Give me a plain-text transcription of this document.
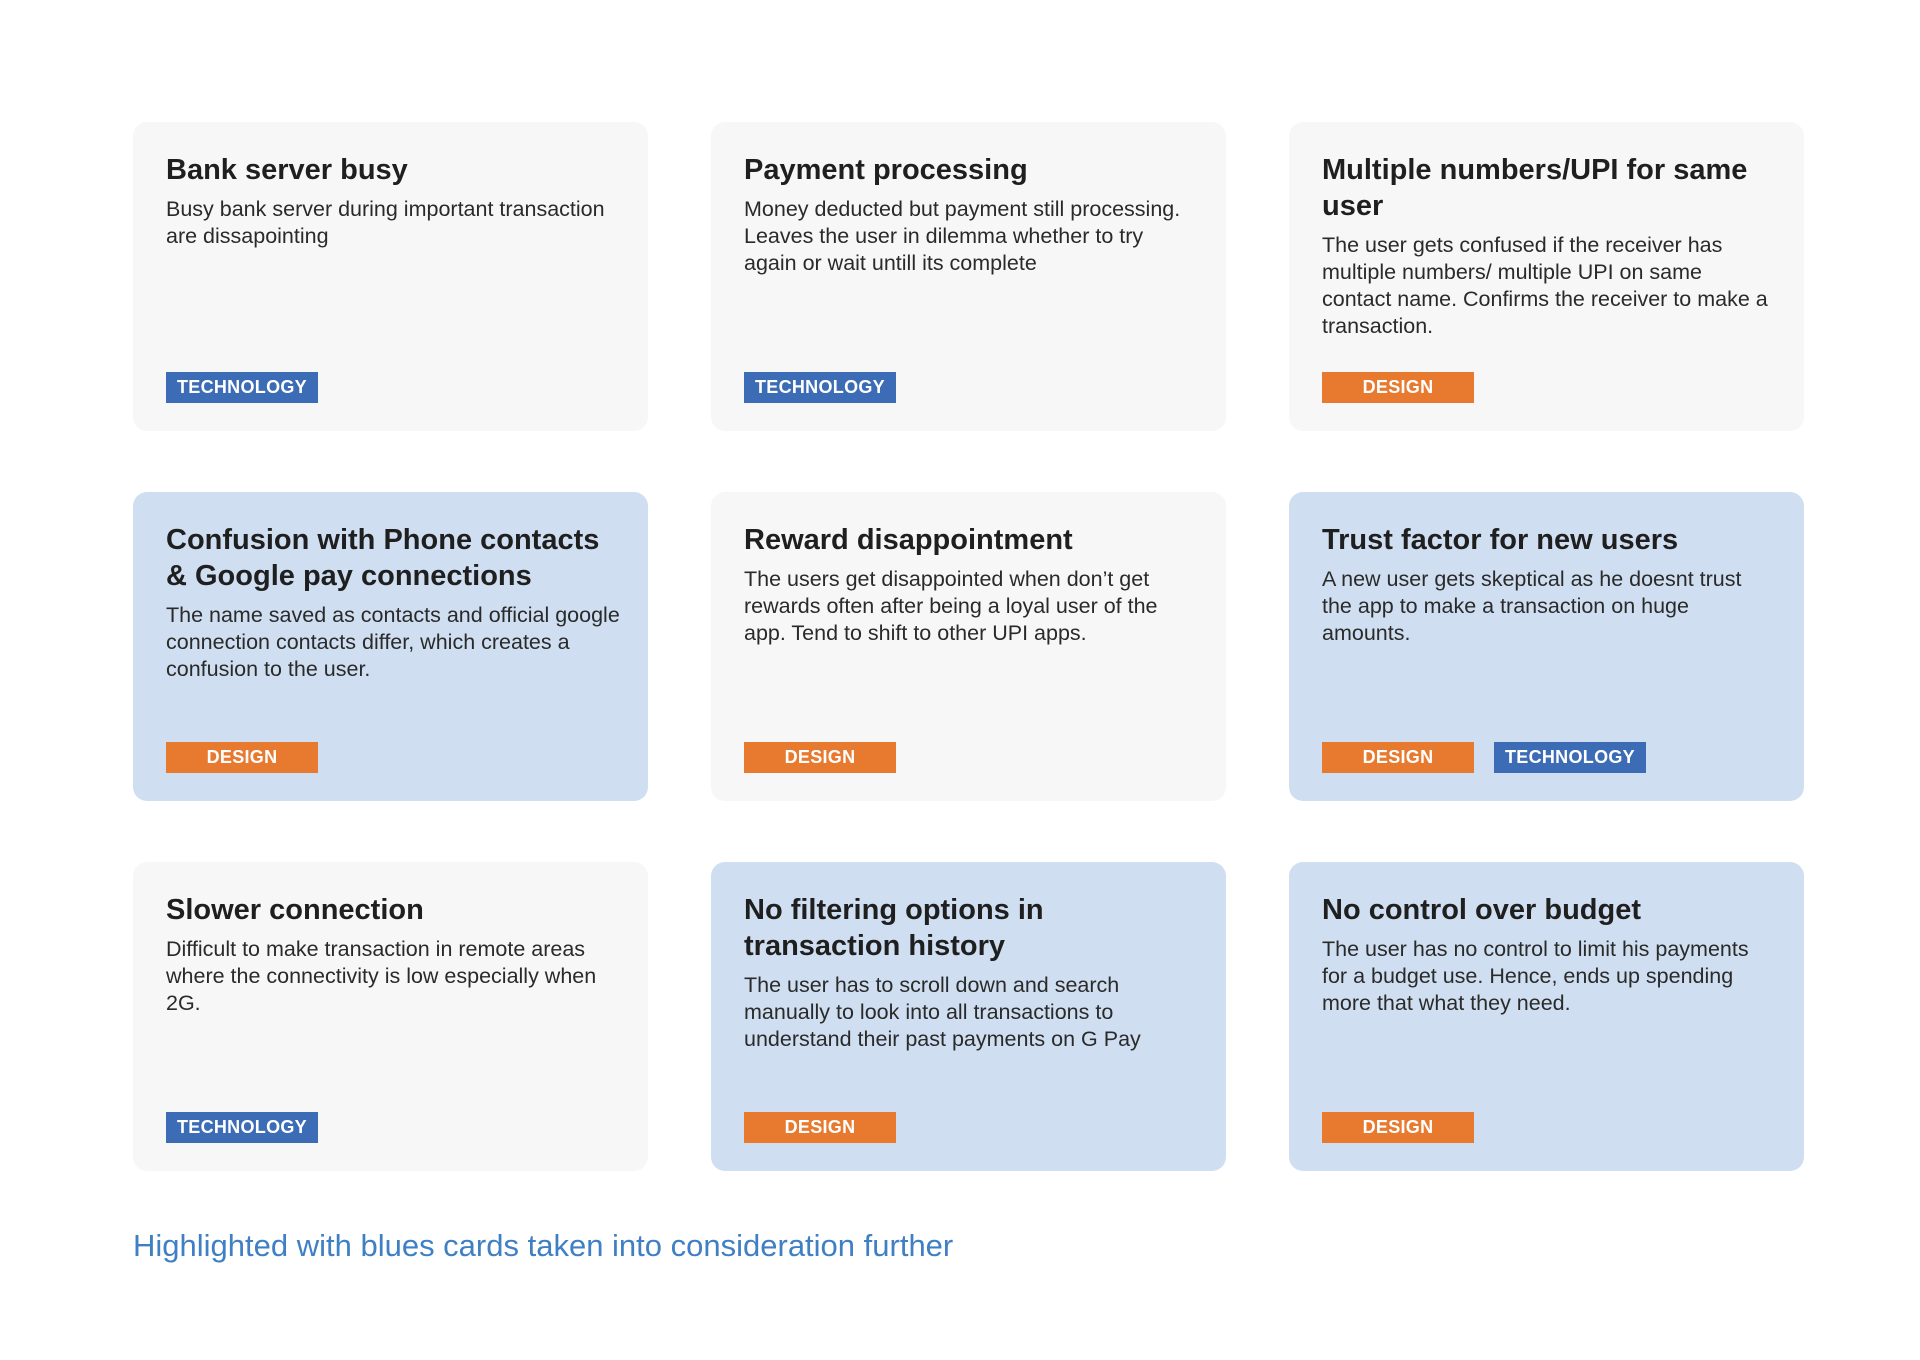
Bank server busy
Busy bank server during important transaction are dissapointing
TECHNOLOGY
Payment processing
Money deducted but payment still processing. Leaves the user in dilemma whether to try again or wait untill its complete
TECHNOLOGY
Multiple numbers/UPI for same user
The user gets confused if the receiver has multiple numbers/ multiple UPI on same contact name. Confirms the receiver to make a transaction.
DESIGN
Confusion with Phone contacts & Google pay connections
The name saved as contacts and official google connection contacts differ, which creates a confusion to the user.
DESIGN
Reward disappointment
The users get disappointed when don’t get rewards often after being a loyal user of the app. Tend to shift to other UPI apps.
DESIGN
Trust factor for new users
A new user gets skeptical as he doesnt trust the app to make a transaction on huge amounts.
DESIGN	TECHNOLOGY
Slower connection
Difficult to make transaction in remote areas where the connectivity is low especially when 2G.
TECHNOLOGY
No filtering options in transaction history
The user has to scroll down and search manually to look into all transactions to understand their past payments on G Pay
DESIGN
No control over budget
The user has no control to limit his payments for a budget use. Hence, ends up spending more that what they need.
DESIGN
Highlighted with blues cards taken into consideration further
